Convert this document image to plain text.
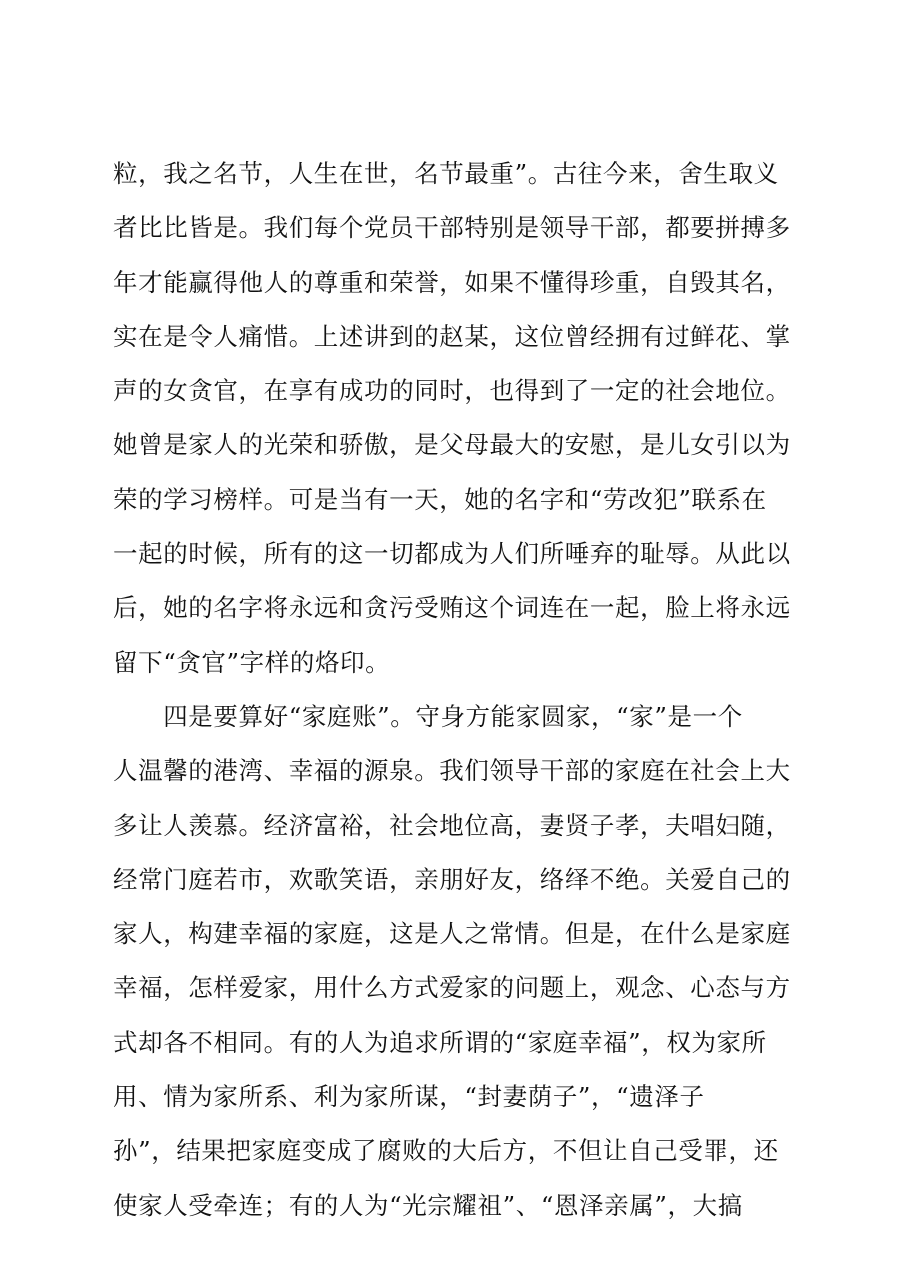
粒，我之名节，人生在世，名节最重”。古往今来，舍生取义
者比比皆是。我们每个党员干部特别是领导干部，都要拼搏多
年才能赢得他人的尊重和荣誉，如果不懂得珍重，自毁其名，
实在是令人痛惜。上述讲到的赵某，这位曾经拥有过鲜花、掌
声的女贪官，在享有成功的同时，也得到了一定的社会地位。
她曾是家人的光荣和骄傲，是父母最大的安慰，是儿女引以为
荣的学习榜样。可是当有一天，她的名字和“劳改犯”联系在
一起的时候，所有的这一切都成为人们所唾弃的耻辱。从此以
后，她的名字将永远和贪污受贿这个词连在一起，脸上将永远
留下“贪官”字样的烙印。
　　四是要算好“家庭账”。守身方能家圆家，“家”是一个
人温馨的港湾、幸福的源泉。我们领导干部的家庭在社会上大
多让人羡慕。经济富裕，社会地位高，妻贤子孝，夫唱妇随，
经常门庭若市，欢歌笑语，亲朋好友，络绎不绝。关爱自己的
家人，构建幸福的家庭，这是人之常情。但是，在什么是家庭
幸福，怎样爱家，用什么方式爱家的问题上，观念、心态与方
式却各不相同。有的人为追求所谓的“家庭幸福”，权为家所
用、情为家所系、利为家所谋，“封妻荫子”，“遗泽子
孙”，结果把家庭变成了腐败的大后方，不但让自己受罪，还
使家人受牵连；有的人为“光宗耀祖”、“恩泽亲属”，大搞
